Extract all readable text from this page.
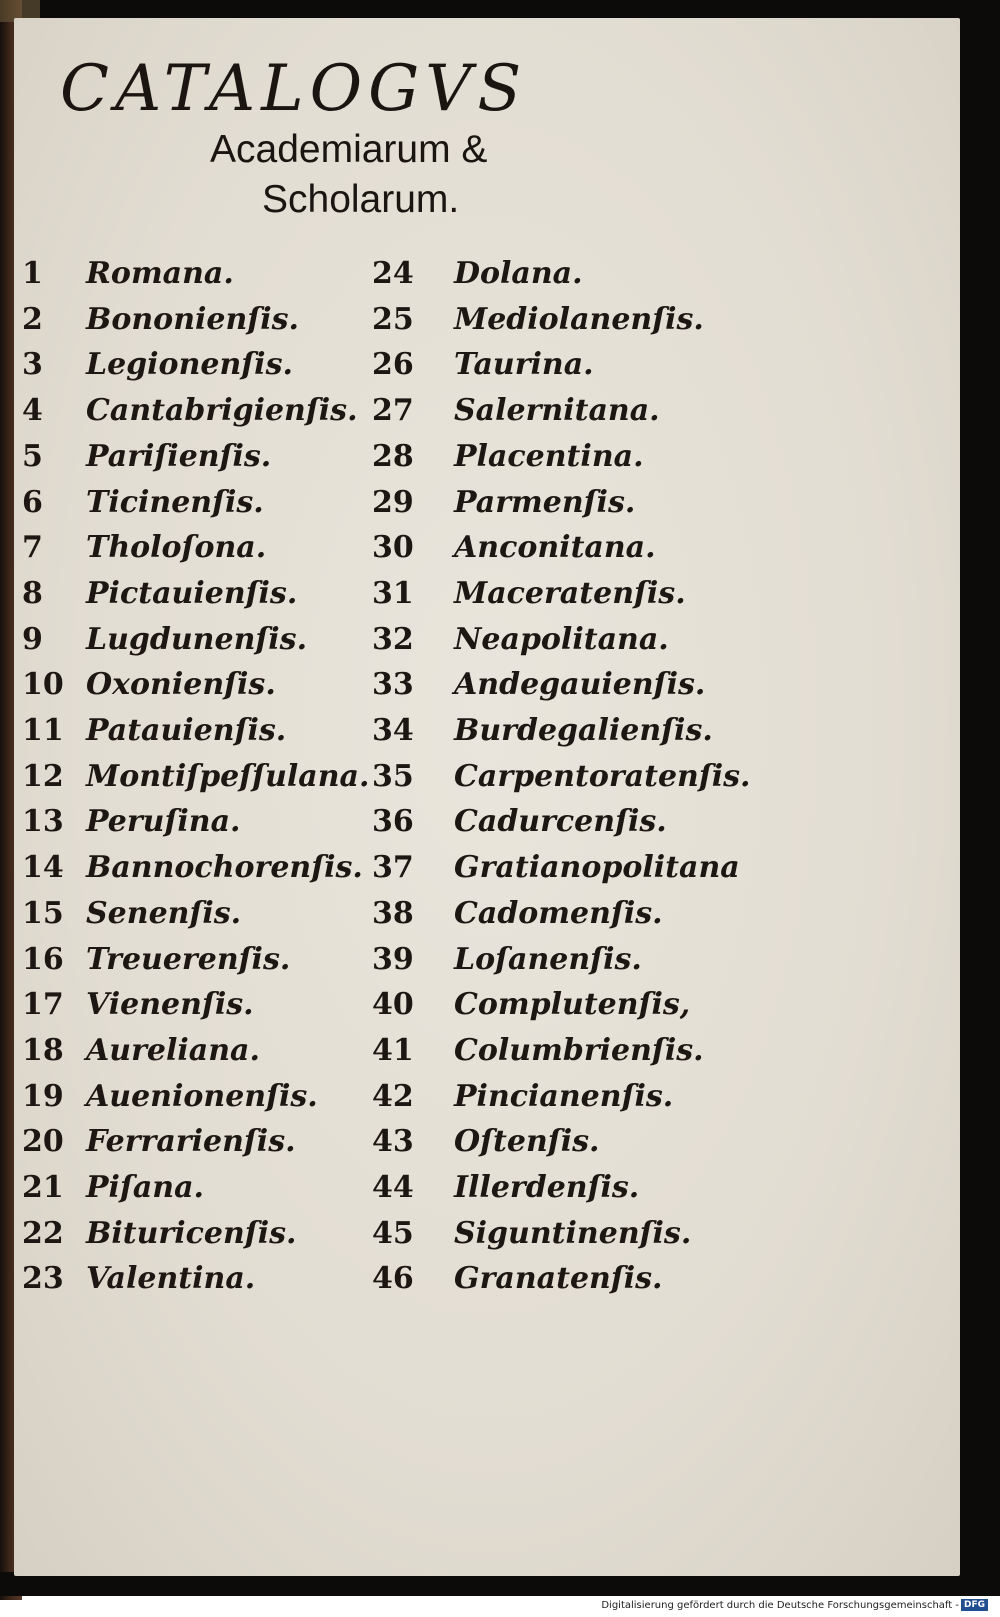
CATALOGVS
Academiarum &
Scholarum.
1 Romana.
2 Bononienſis.
3 Legionenſis.
4 Cantabrigienſis.
5 Pariſienſis.
6 Ticinenſis.
7 Tholoſona.
8 Pictauienſis.
9 Lugdunenſis.
10 Oxonienſis.
11 Patauienſis.
12 Montiſpeſſulana.
13 Peruſina.
14 Bannochorenſis.
15 Senenſis.
16 Treuerenſis.
17 Vienenſis.
18 Aureliana.
19 Auenionenſis.
20 Ferrarienſis.
21 Piſana.
22 Bituricenſis.
23 Valentina.
24 Dolana.
25 Mediolanenſis.
26 Taurina.
27 Salernitana.
28 Placentina.
29 Parmenſis.
30 Anconitana.
31 Maceratenſis.
32 Neapolitana.
33 Andegauienſis.
34 Burdegalienſis.
35 Carpentoratenſis.
36 Cadurcenſis.
37 Gratianopolitana
38 Cadomenſis.
39 Loſanenſis.
40 Complutenſis,
41 Columbrienſis.
42 Pincianenſis.
43 Oſtenſis.
44 Illerdenſis.
45 Siguntinenſis.
46 Granatenſis.
Digitalisierung gefördert durch die Deutsche Forschungsgemeinschaft - DFG
